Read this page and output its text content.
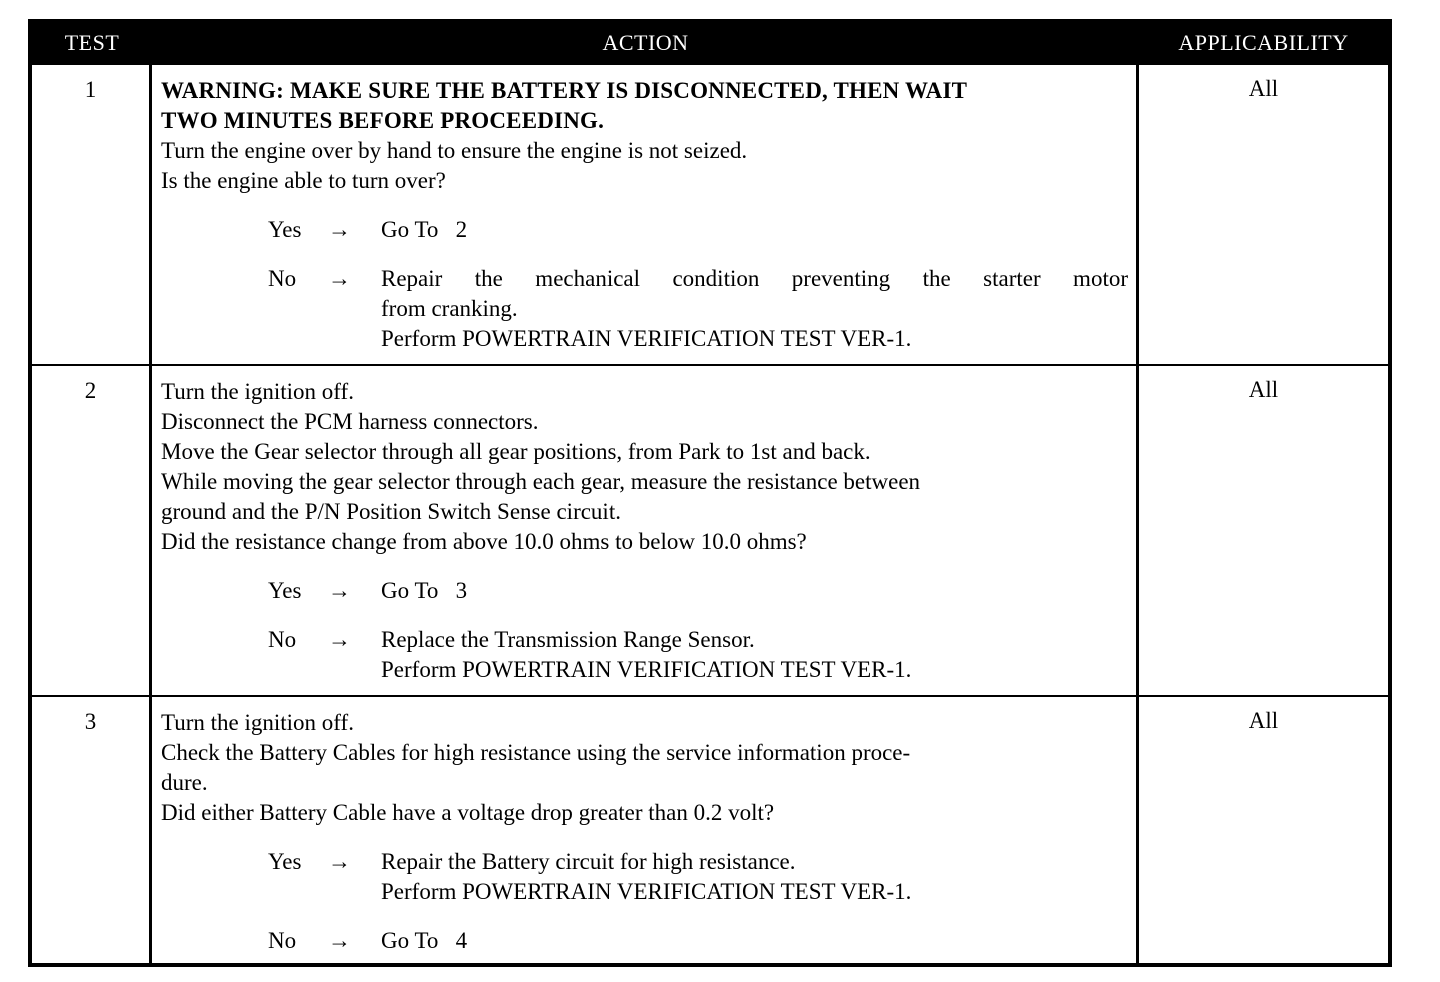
TEST	ACTION	APPLICABILITY
1	WARNING: MAKE SURE THE BATTERY IS DISCONNECTED, THEN WAIT
TWO MINUTES BEFORE PROCEEDING.
Turn the engine over by hand to ensure the engine is not seized.
Is the engine able to turn over?
Yes	→	Go To   2
No	→	Repair the mechanical condition preventing the starter motor
from cranking.
Perform POWERTRAIN VERIFICATION TEST VER-1.
All
2	Turn the ignition off.
Disconnect the PCM harness connectors.
Move the Gear selector through all gear positions, from Park to 1st and back.
While moving the gear selector through each gear, measure the resistance between
ground and the P/N Position Switch Sense circuit.
Did the resistance change from above 10.0 ohms to below 10.0 ohms?
Yes	→	Go To   3
No	→	Replace the Transmission Range Sensor.
Perform POWERTRAIN VERIFICATION TEST VER-1.
All
3	Turn the ignition off.
Check the Battery Cables for high resistance using the service information proce-
dure.
Did either Battery Cable have a voltage drop greater than 0.2 volt?
Yes	→	Repair the Battery circuit for high resistance.
Perform POWERTRAIN VERIFICATION TEST VER-1.
No	→	Go To   4
All
